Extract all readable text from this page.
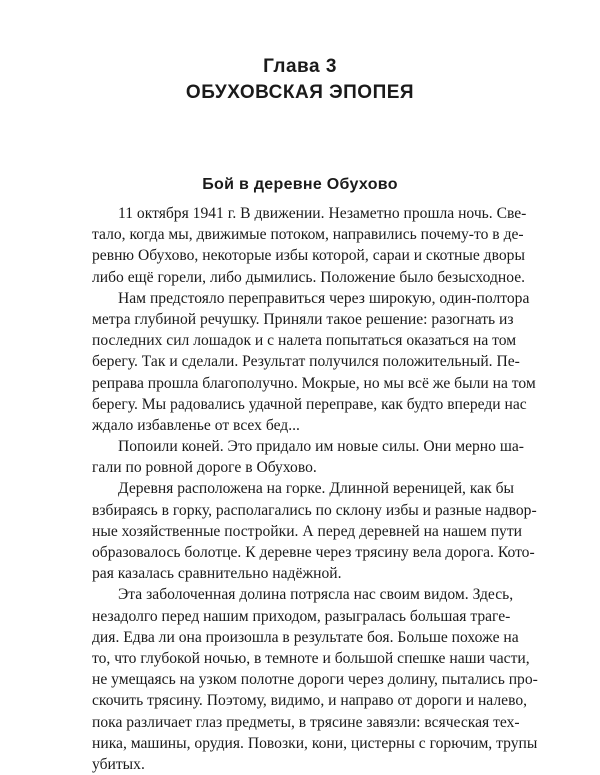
Глава 3
ОБУХОВСКАЯ ЭПОПЕЯ
Бой в деревне Обухово
11 октября 1941 г. В движении. Незаметно прошла ночь. Све-
тало, когда мы, движимые потоком, направились почему-то в де-
ревню Обухово, некоторые избы которой, сараи и скотные дворы
либо ещё горели, либо дымились. Положение было безысходное.
Нам предстояло переправиться через широкую, один-полтора
метра глубиной речушку. Приняли такое решение: разогнать из
последних сил лошадок и с налета попытаться оказаться на том
берегу. Так и сделали. Результат получился положительный. Пе-
реправа прошла благополучно. Мокрые, но мы всё же были на том
берегу. Мы радовались удачной переправе, как будто впереди нас
ждало избавленье от всех бед...
Попоили коней. Это придало им новые силы. Они мерно ша-
гали по ровной дороге в Обухово.
Деревня расположена на горке. Длинной вереницей, как бы
взбираясь в горку, располагались по склону избы и разные надвор-
ные хозяйственные постройки. А перед деревней на нашем пути
образовалось болотце. К деревне через трясину вела дорога. Кото-
рая казалась сравнительно надёжной.
Эта заболоченная долина потрясла нас своим видом. Здесь,
незадолго перед нашим приходом, разыгралась большая траге-
дия. Едва ли она произошла в результате боя. Больше похоже на
то, что глубокой ночью, в темноте и большой спешке наши части,
не умещаясь на узком полотне дороги через долину, пытались про-
скочить трясину. Поэтому, видимо, и направо от дороги и налево,
пока различает глаз предметы, в трясине завязли: всяческая тех-
ника, машины, орудия. Повозки, кони, цистерны с горючим, трупы
убитых.
